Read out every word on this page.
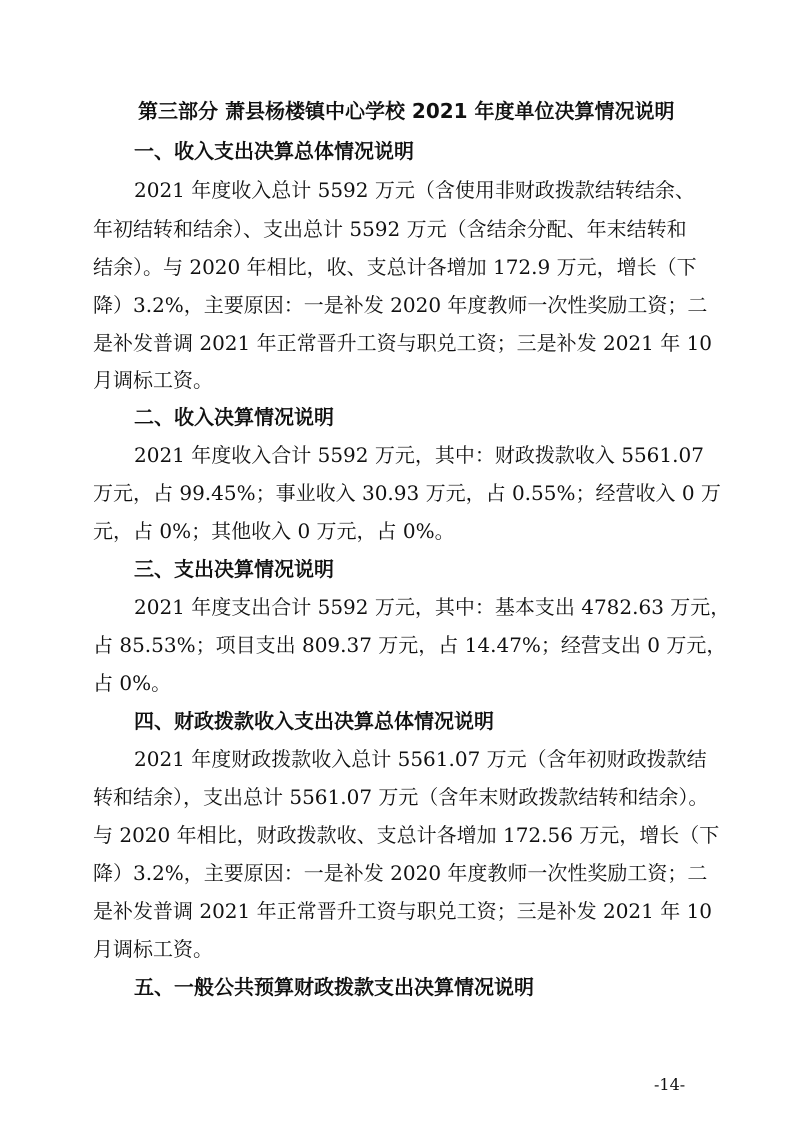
第三部分 萧县杨楼镇中心学校 2021 年度单位决算情况说明
一、收入支出决算总体情况说明
2021 年度收入总计 5592 万元（含使用非财政拨款结转结余、
年初结转和结余）、支出总计 5592 万元（含结余分配、年末结转和
结余）。与 2020 年相比，收、支总计各增加 172.9 万元，增长（下
降）3.2%，主要原因：一是补发 2020 年度教师一次性奖励工资；二
是补发普调 2021 年正常晋升工资与职兑工资；三是补发 2021 年 10
月调标工资。
二、收入决算情况说明
2021 年度收入合计 5592 万元，其中：财政拨款收入 5561.07
万元，占 99.45%；事业收入 30.93 万元，占 0.55%；经营收入 0 万
元，占 0%；其他收入 0 万元，占 0%。
三、支出决算情况说明
2021 年度支出合计 5592 万元，其中：基本支出 4782.63 万元，
占 85.53%；项目支出 809.37 万元，占 14.47%；经营支出 0 万元，
占 0%。
四、财政拨款收入支出决算总体情况说明
2021 年度财政拨款收入总计 5561.07 万元（含年初财政拨款结
转和结余），支出总计 5561.07 万元（含年末财政拨款结转和结余）。
与 2020 年相比，财政拨款收、支总计各增加 172.56 万元，增长（下
降）3.2%，主要原因：一是补发 2020 年度教师一次性奖励工资；二
是补发普调 2021 年正常晋升工资与职兑工资；三是补发 2021 年 10
月调标工资。
五、一般公共预算财政拨款支出决算情况说明
-14-
